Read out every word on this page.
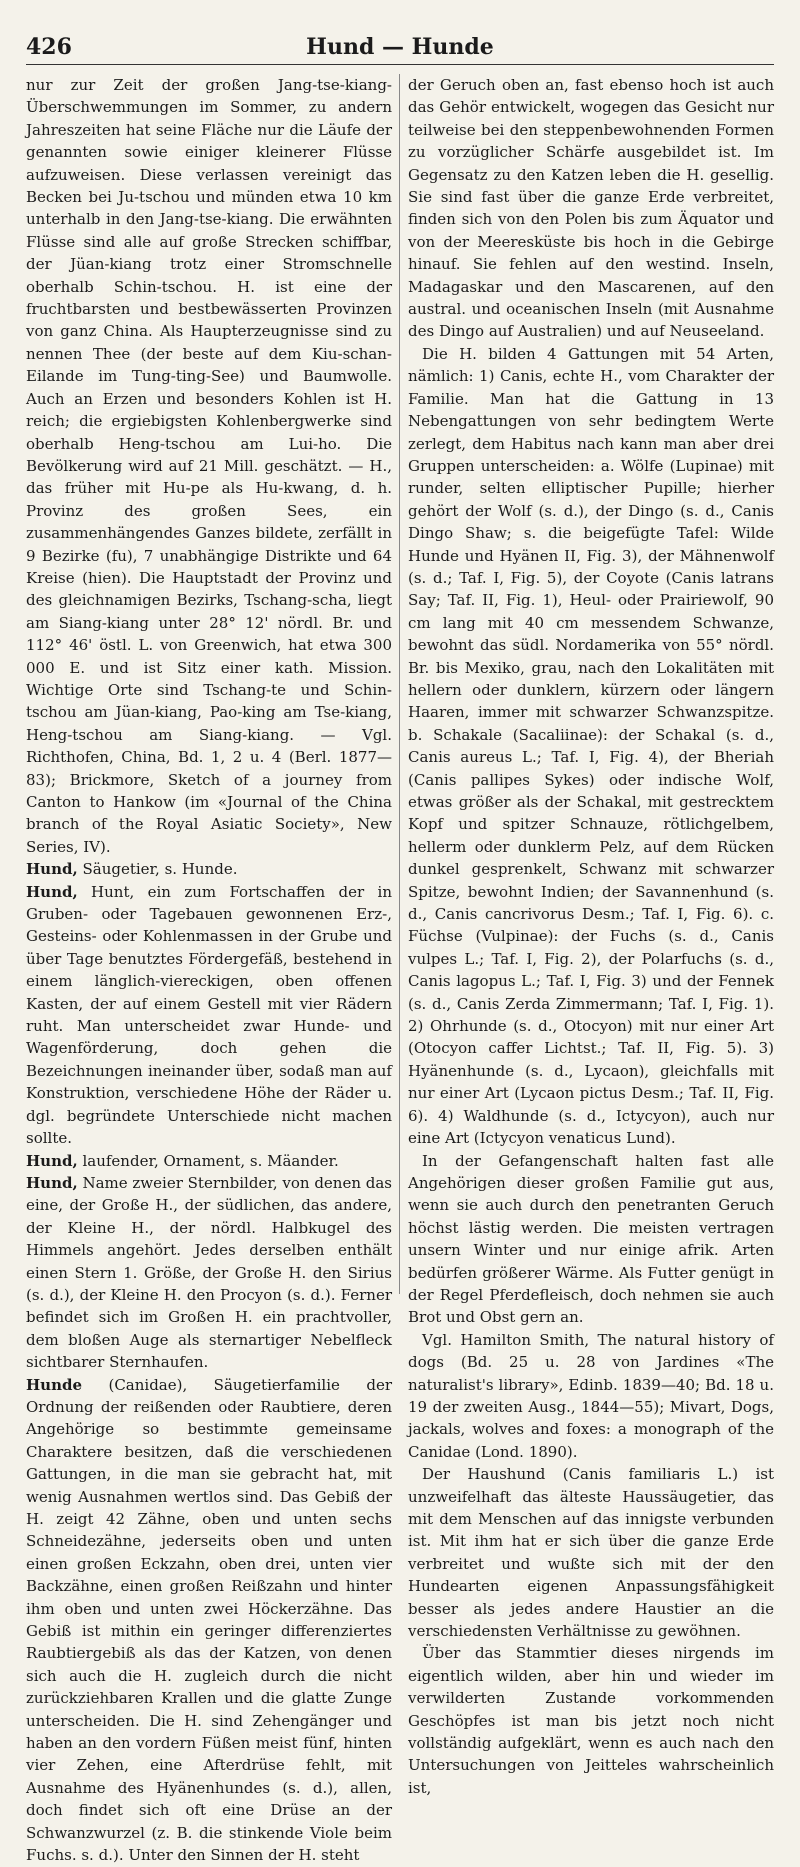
426	Hund — Hunde

nur zur Zeit der großen Jang-tse-kiang-Überschwemmungen im Sommer, zu andern Jahreszeiten hat seine Fläche nur die Läufe der genannten sowie einiger kleinerer Flüsse aufzuweisen. Diese verlassen vereinigt das Becken bei Ju-tschou und münden etwa 10 km unterhalb in den Jang-tse-kiang. Die erwähnten Flüsse sind alle auf große Strecken schiffbar, der Jüan-kiang trotz einer Stromschnelle oberhalb Schin-tschou. H. ist eine der fruchtbarsten und bestbewässerten Provinzen von ganz China. Als Haupterzeugnisse sind zu nennen Thee (der beste auf dem Kiu-schan-Eilande im Tung-ting-See) und Baumwolle. Auch an Erzen und besonders Kohlen ist H. reich; die ergiebigsten Kohlenbergwerke sind oberhalb Heng-tschou am Lui-ho. Die Bevölkerung wird auf 21 Mill. geschätzt. — H., das früher mit Hu-pe als Hu-kwang, d. h. Provinz des großen Sees, ein zusammenhängendes Ganzes bildete, zerfällt in 9 Bezirke (fu), 7 unabhängige Distrikte und 64 Kreise (hien). Die Hauptstadt der Provinz und des gleichnamigen Bezirks, Tschang-scha, liegt am Siang-kiang unter 28° 12' nördl. Br. und 112° 46' östl. L. von Greenwich, hat etwa 300 000 E. und ist Sitz einer kath. Mission. Wichtige Orte sind Tschang-te und Schin-tschou am Jüan-kiang, Pao-king am Tse-kiang, Heng-tschou am Siang-kiang. — Vgl. Richthofen, China, Bd. 1, 2 u. 4 (Berl. 1877—83); Brickmore, Sketch of a journey from Canton to Hankow (im «Journal of the China branch of the Royal Asiatic Society», New Series, IV).

Hund, Säugetier, s. Hunde.

Hund, Hunt, ein zum Fortschaffen der in Gruben- oder Tagebauen gewonnenen Erz-, Gesteins- oder Kohlenmassen in der Grube und über Tage benutztes Fördergefäß, bestehend in einem länglich-viereckigen, oben offenen Kasten, der auf einem Gestell mit vier Rädern ruht. Man unterscheidet zwar Hunde- und Wagenförderung, doch gehen die Bezeichnungen ineinander über, sodaß man auf Konstruktion, verschiedene Höhe der Räder u. dgl. begründete Unterschiede nicht machen sollte.

Hund, laufender, Ornament, s. Mäander.

Hund, Name zweier Sternbilder, von denen das eine, der Große H., der südlichen, das andere, der Kleine H., der nördl. Halbkugel des Himmels angehört. Jedes derselben enthält einen Stern 1. Größe, der Große H. den Sirius (s. d.), der Kleine H. den Procyon (s. d.). Ferner befindet sich im Großen H. ein prachtvoller, dem bloßen Auge als sternartiger Nebelfleck sichtbarer Sternhaufen.

Hunde (Canidae), Säugetierfamilie der Ordnung der reißenden oder Raubtiere, deren Angehörige so bestimmte gemeinsame Charaktere besitzen, daß die verschiedenen Gattungen, in die man sie gebracht hat, mit wenig Ausnahmen wertlos sind. Das Gebiß der H. zeigt 42 Zähne, oben und unten sechs Schneidezähne, jederseits oben und unten einen großen Eckzahn, oben drei, unten vier Backzähne, einen großen Reißzahn und hinter ihm oben und unten zwei Höckerzähne. Das Gebiß ist mithin ein geringer differenziertes Raubtiergebiß als das der Katzen, von denen sich auch die H. zugleich durch die nicht zurückziehbaren Krallen und die glatte Zunge unterscheiden. Die H. sind Zehengänger und haben an den vordern Füßen meist fünf, hinten vier Zehen, eine Afterdrüse fehlt, mit Ausnahme des Hyänenhundes (s. d.), allen, doch findet sich oft eine Drüse an der Schwanzwurzel (z. B. die stinkende Viole beim Fuchs. s. d.). Unter den Sinnen der H. steht

der Geruch oben an, fast ebenso hoch ist auch das Gehör entwickelt, wogegen das Gesicht nur teilweise bei den steppenbewohnenden Formen zu vorzüglicher Schärfe ausgebildet ist. Im Gegensatz zu den Katzen leben die H. gesellig. Sie sind fast über die ganze Erde verbreitet, finden sich von den Polen bis zum Äquator und von der Meeresküste bis hoch in die Gebirge hinauf. Sie fehlen auf den westind. Inseln, Madagaskar und den Mascarenen, auf den austral. und oceanischen Inseln (mit Ausnahme des Dingo auf Australien) und auf Neuseeland.

Die H. bilden 4 Gattungen mit 54 Arten, nämlich: 1) Canis, echte H., vom Charakter der Familie. Man hat die Gattung in 13 Nebengattungen von sehr bedingtem Werte zerlegt, dem Habitus nach kann man aber drei Gruppen unterscheiden: a. Wölfe (Lupinae) mit runder, selten elliptischer Pupille; hierher gehört der Wolf (s. d.), der Dingo (s. d., Canis Dingo Shaw; s. die beigefügte Tafel: Wilde Hunde und Hyänen II, Fig. 3), der Mähnenwolf (s. d.; Taf. I, Fig. 5), der Coyote (Canis latrans Say; Taf. II, Fig. 1), Heul- oder Prairiewolf, 90 cm lang mit 40 cm messendem Schwanze, bewohnt das südl. Nordamerika von 55° nördl. Br. bis Mexiko, grau, nach den Lokalitäten mit hellern oder dunklern, kürzern oder längern Haaren, immer mit schwarzer Schwanzspitze. b. Schakale (Sacaliinae): der Schakal (s. d., Canis aureus L.; Taf. I, Fig. 4), der Bheriah (Canis pallipes Sykes) oder indische Wolf, etwas größer als der Schakal, mit gestrecktem Kopf und spitzer Schnauze, rötlichgelbem, hellerm oder dunklerm Pelz, auf dem Rücken dunkel gesprenkelt, Schwanz mit schwarzer Spitze, bewohnt Indien; der Savannenhund (s. d., Canis cancrivorus Desm.; Taf. I, Fig. 6). c. Füchse (Vulpinae): der Fuchs (s. d., Canis vulpes L.; Taf. I, Fig. 2), der Polarfuchs (s. d., Canis lagopus L.; Taf. I, Fig. 3) und der Fennek (s. d., Canis Zerda Zimmermann; Taf. I, Fig. 1). 2) Ohrhunde (s. d., Otocyon) mit nur einer Art (Otocyon caffer Lichtst.; Taf. II, Fig. 5). 3) Hyänenhunde (s. d., Lycaon), gleichfalls mit nur einer Art (Lycaon pictus Desm.; Taf. II, Fig. 6). 4) Waldhunde (s. d., Ictycyon), auch nur eine Art (Ictycyon venaticus Lund).

In der Gefangenschaft halten fast alle Angehörigen dieser großen Familie gut aus, wenn sie auch durch den penetranten Geruch höchst lästig werden. Die meisten vertragen unsern Winter und nur einige afrik. Arten bedürfen größerer Wärme. Als Futter genügt in der Regel Pferdefleisch, doch nehmen sie auch Brot und Obst gern an.

Vgl. Hamilton Smith, The natural history of dogs (Bd. 25 u. 28 von Jardines «The naturalist's library», Edinb. 1839—40; Bd. 18 u. 19 der zweiten Ausg., 1844—55); Mivart, Dogs, jackals, wolves and foxes: a monograph of the Canidae (Lond. 1890).

Der Haushund (Canis familiaris L.) ist unzweifelhaft das älteste Haussäugetier, das mit dem Menschen auf das innigste verbunden ist. Mit ihm hat er sich über die ganze Erde verbreitet und wußte sich mit der den Hundearten eigenen Anpassungsfähigkeit besser als jedes andere Haustier an die verschiedensten Verhältnisse zu gewöhnen.

Über das Stammtier dieses nirgends im eigentlich wilden, aber hin und wieder im verwilderten Zustande vorkommenden Geschöpfes ist man bis jetzt noch nicht vollständig aufgeklärt, wenn es auch nach den Untersuchungen von Jeitteles wahrscheinlich ist,
